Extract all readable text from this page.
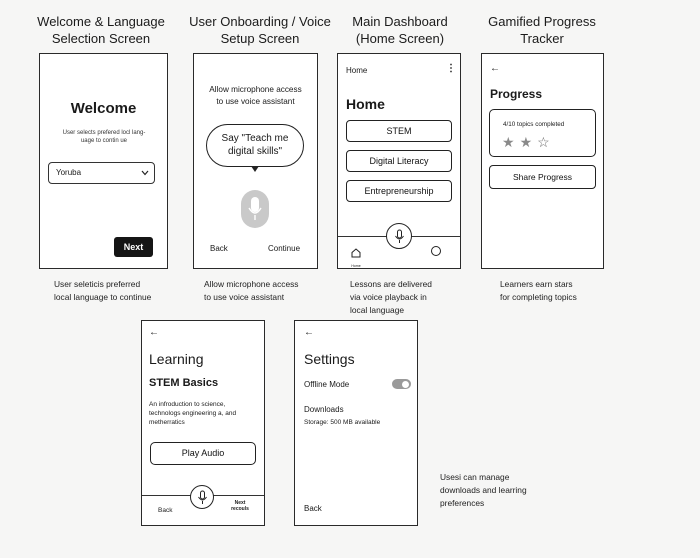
Welcome & Language
Selection Screen
User Onboarding / Voice
Setup Screen
Main Dashboard
(Home Screen)
Gamified Progress
Tracker
Welcome
User selects prefered locl lang-
uage to contin ue
Yoruba
Next
User seleticis preferred
local language to continue
Allow microphone access
to use voice assistant
Say "Teach me
digital skills"
Back	Continue
Allow microphone access
to use voice assistant
Home	⋮
Home
STEM
Digital Literacy
Entrepreneurship
Home
Lessons are delivered
via voice playback in
local language
←
Progress
4/10 topics completed
★★☆
Share Progress
Learners earn stars
for completing topics
←
Learning
STEM Basics
An infroduction to science,
technologs engineering a, and
metherratics
Play Audio
Back
Next
recouls
←
Settings
Offline Mode
Downloads
Storage: 500 MB available
Back
Usesi can manage
downloads and learring
preferences
